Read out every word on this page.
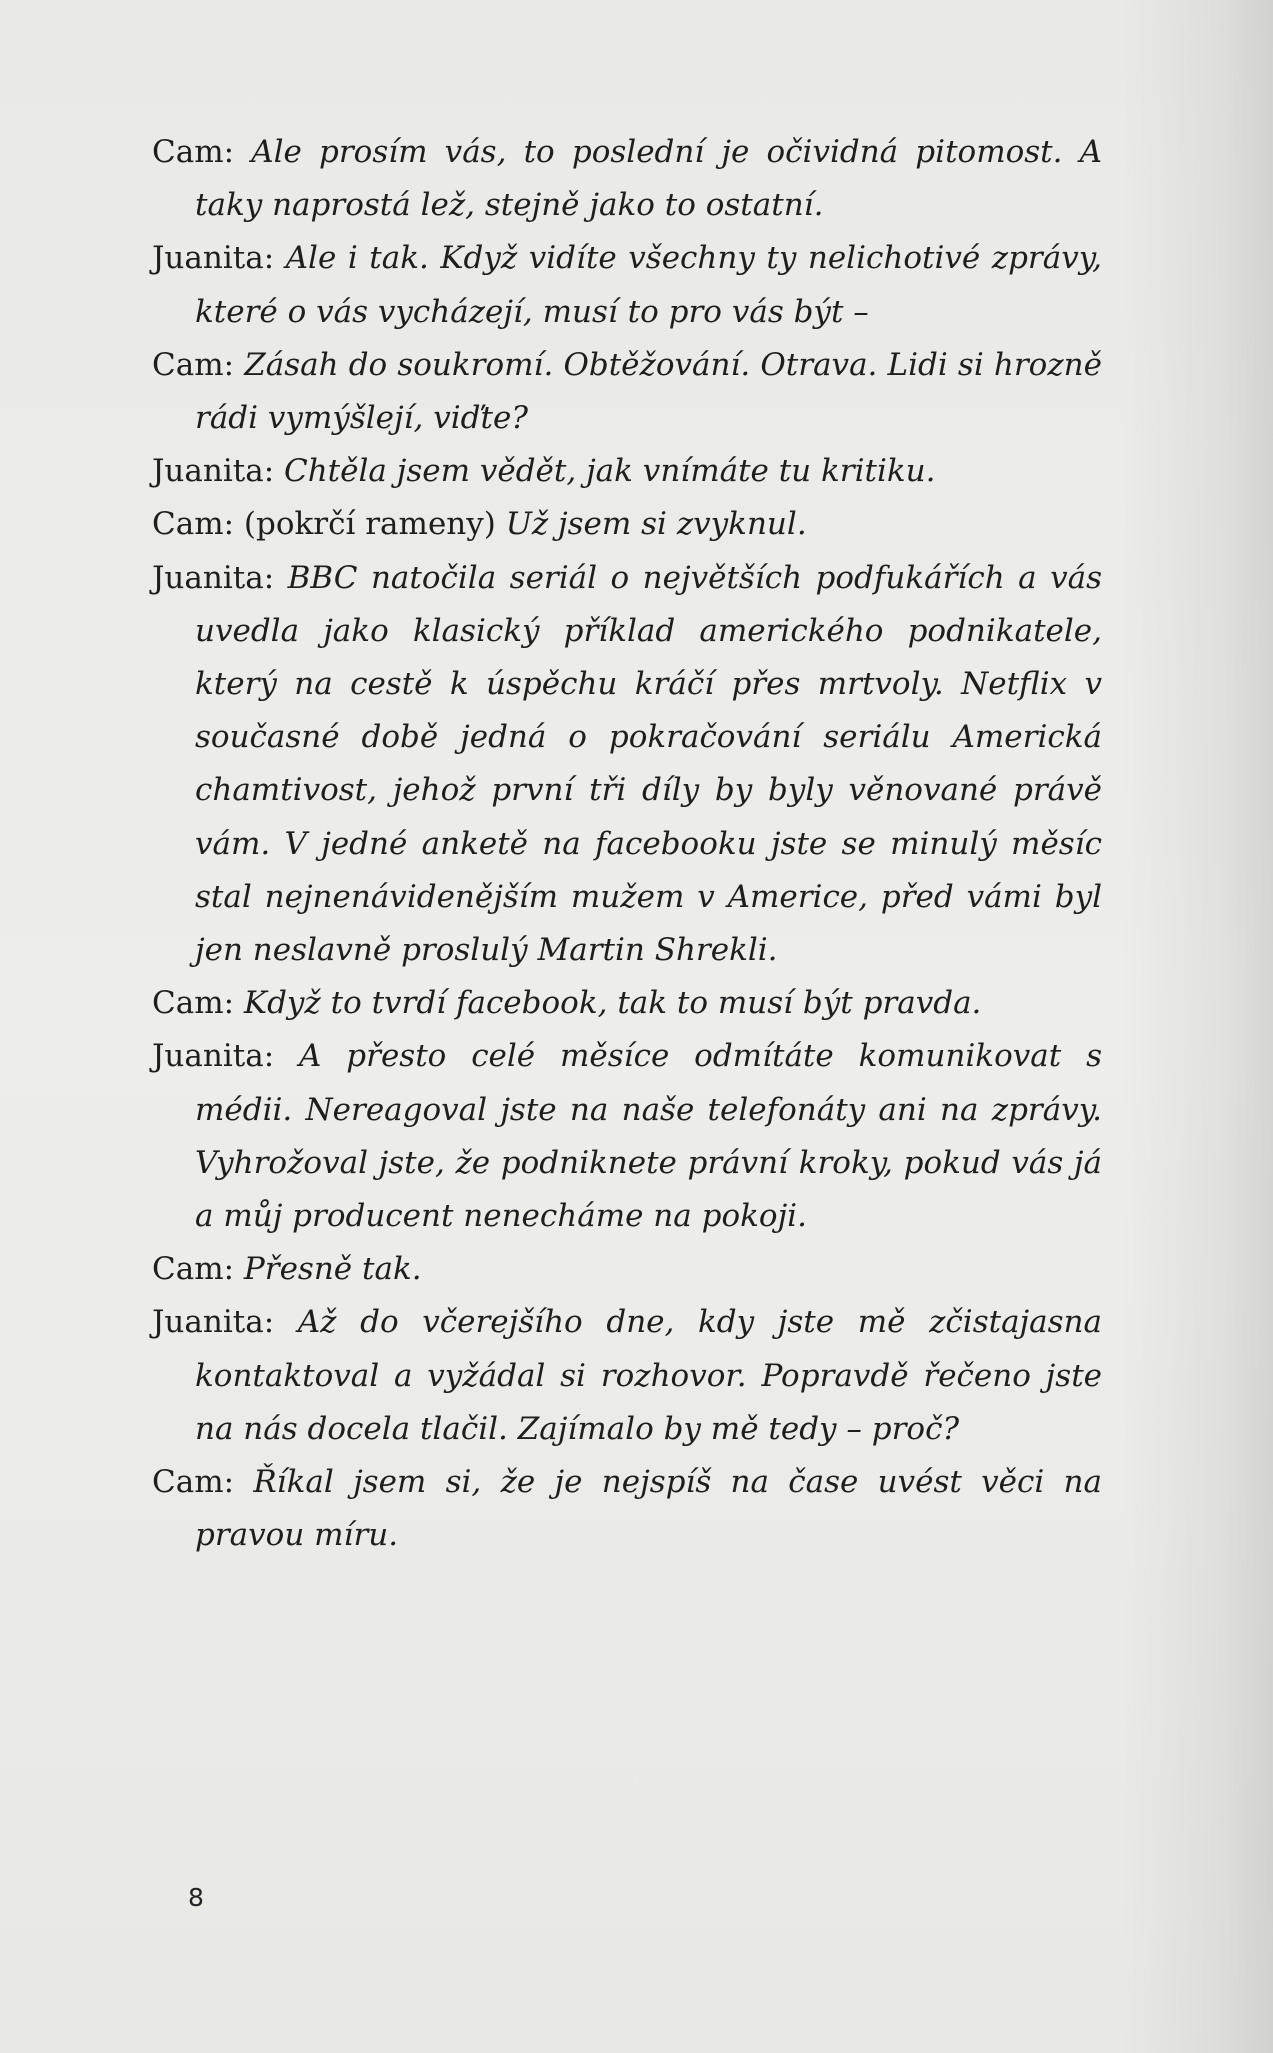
Cam: Ale prosím vás, to poslední je očividná pitomost. A taky naprostá lež, stejně jako to ostatní.

Juanita: Ale i tak. Když vidíte všechny ty nelichotivé zprávy, které o vás vycházejí, musí to pro vás být –

Cam: Zásah do soukromí. Obtěžování. Otrava. Lidi si hrozně rádi vymýšlejí, viďte?

Juanita: Chtěla jsem vědět, jak vnímáte tu kritiku.

Cam: (pokrčí rameny) Už jsem si zvyknul.

Juanita: BBC natočila seriál o největších podfukářích a vás uvedla jako klasický příklad amerického podnikatele, který na cestě k úspěchu kráčí přes mrtvoly. Netflix v současné době jedná o pokračování seriálu Americká chamtivost, jehož první tři díly by byly věnované právě vám. V jedné anketě na facebooku jste se minulý měsíc stal nejnenávidenějším mužem v Americe, před vámi byl jen neslavně proslulý Martin Shrekli.

Cam: Když to tvrdí facebook, tak to musí být pravda.

Juanita: A přesto celé měsíce odmítáte komunikovat s médii. Nereagoval jste na naše telefonáty ani na zprávy. Vyhrožoval jste, že podniknete právní kroky, pokud vás já a můj producent nenecháme na pokoji.

Cam: Přesně tak.

Juanita: Až do včerejšího dne, kdy jste mě zčistajasna kontaktoval a vyžádal si rozhovor. Popravdě řečeno jste na nás docela tlačil. Zajímalo by mě tedy – proč?

Cam: Říkal jsem si, že je nejspíš na čase uvést věci na pravou míru.

8
